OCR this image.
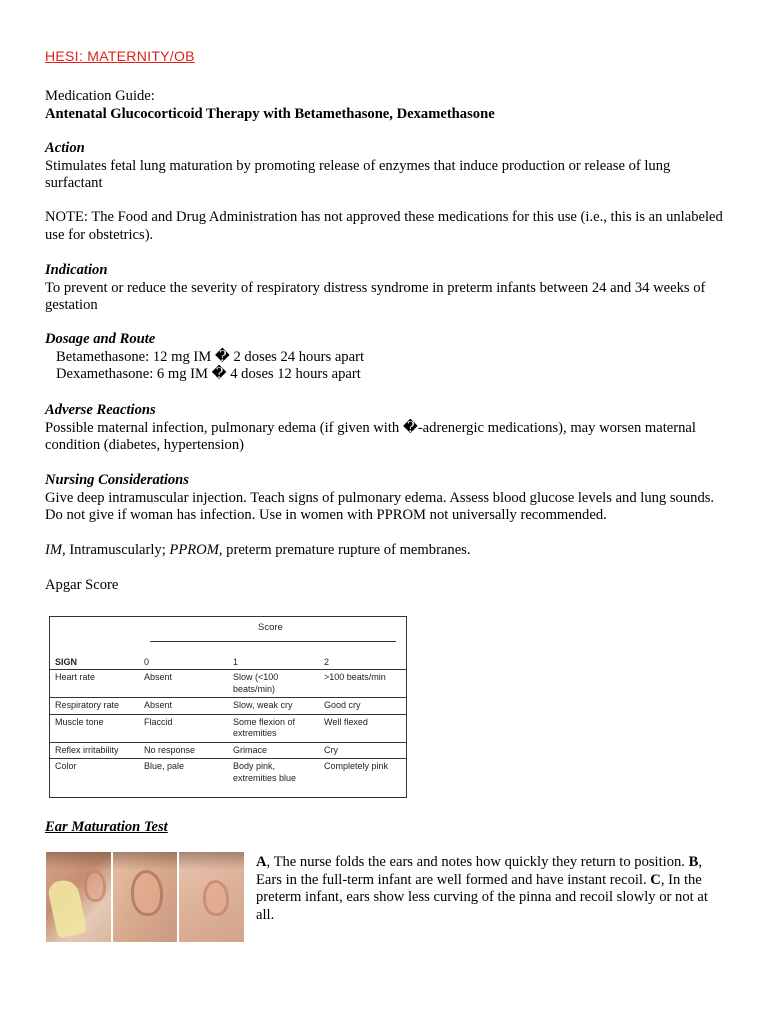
HESI: MATERNITY/OB

Medication Guide:

Antenatal Glucocorticoid Therapy with Betamethasone, Dexamethasone

Action

Stimulates fetal lung maturation by promoting release of enzymes that induce production or release of lung surfactant

NOTE: The Food and Drug Administration has not approved these medications for this use (i.e., this is an unlabeled use for obstetrics).

Indication

To prevent or reduce the severity of respiratory distress syndrome in preterm infants between 24 and 34 weeks of gestation

Dosage and Route

Betamethasone: 12 mg IM � 2 doses 24 hours apart

Dexamethasone: 6 mg IM � 4 doses 12 hours apart

Adverse Reactions

Possible maternal infection, pulmonary edema (if given with �-adrenergic medications), may worsen maternal condition (diabetes, hypertension)

Nursing Considerations

Give deep intramuscular injection. Teach signs of pulmonary edema. Assess blood glucose levels and lung sounds. Do not give if woman has infection. Use in women with PPROM not universally recommended.

IM, Intramuscularly; PPROM, preterm premature rupture of membranes.

Apgar Score
Score
SIGN	0	1	2
Heart rate	Absent	Slow (<100 beats/min)	>100 beats/min
Respiratory rate	Absent	Slow, weak cry	Good cry
Muscle tone	Flaccid	Some flexion of extremities	Well flexed
Reflex irritability	No response	Grimace	Cry
Color	Blue, pale	Body pink, extremities blue	Completely pink

Ear Maturation Test

A, The nurse folds the ears and notes how quickly they return to position. B, Ears in the full-term infant are well formed and have instant recoil. C, In the preterm infant, ears show less curving of the pinna and recoil slowly or not at all.
